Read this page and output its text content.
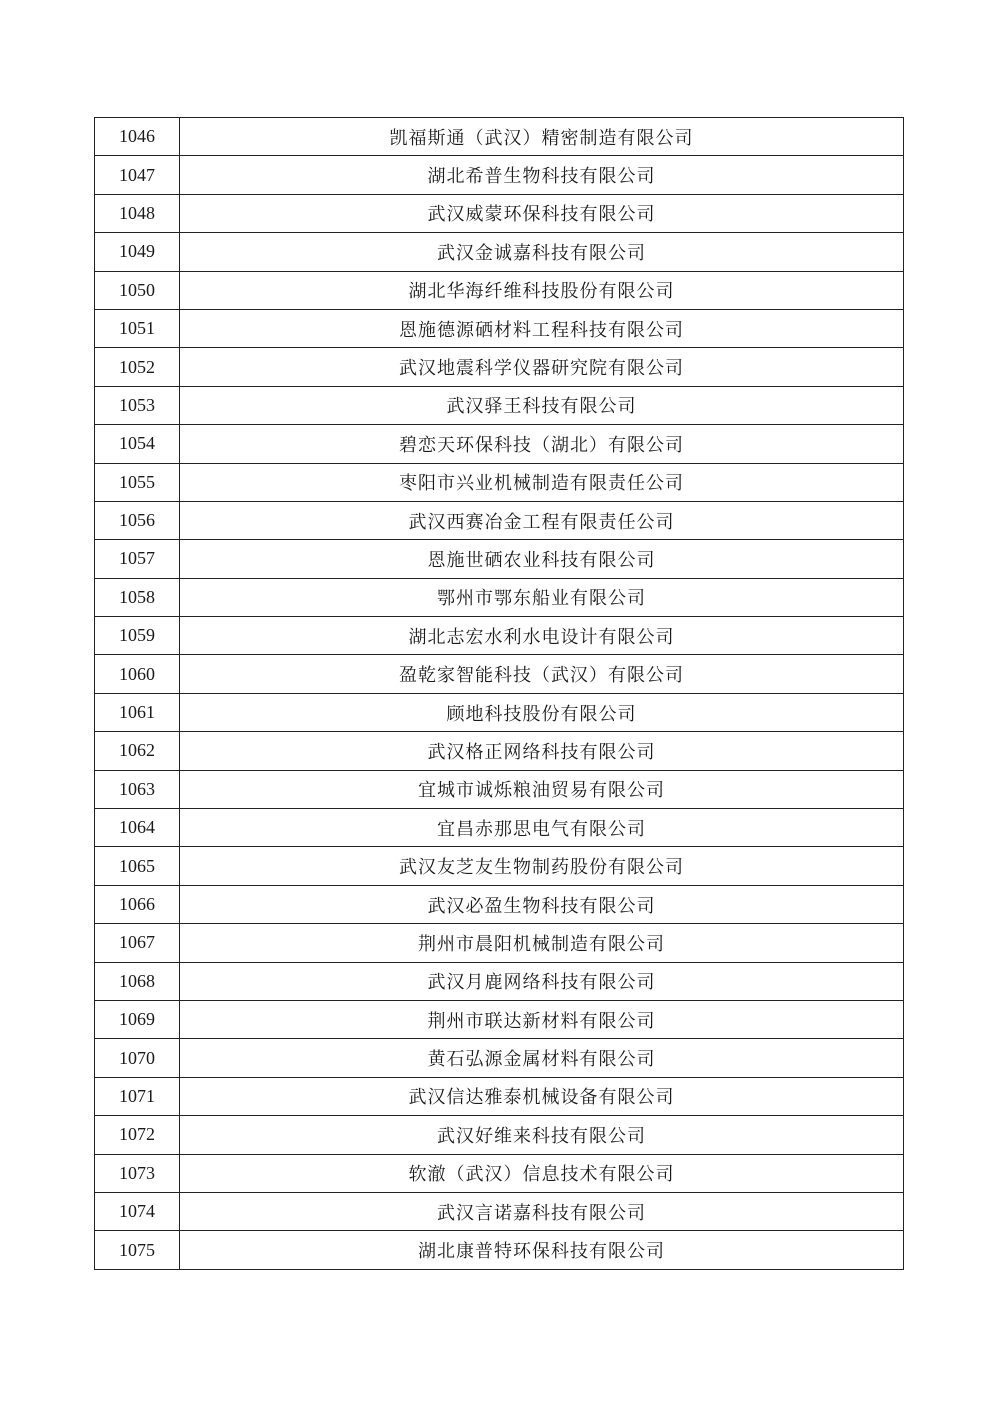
1046	凯福斯通（武汉）精密制造有限公司
1047	湖北希普生物科技有限公司
1048	武汉威蒙环保科技有限公司
1049	武汉金诚嘉科技有限公司
1050	湖北华海纤维科技股份有限公司
1051	恩施德源硒材料工程科技有限公司
1052	武汉地震科学仪器研究院有限公司
1053	武汉驿王科技有限公司
1054	碧恋天环保科技（湖北）有限公司
1055	枣阳市兴业机械制造有限责任公司
1056	武汉西赛冶金工程有限责任公司
1057	恩施世硒农业科技有限公司
1058	鄂州市鄂东船业有限公司
1059	湖北志宏水利水电设计有限公司
1060	盈乾家智能科技（武汉）有限公司
1061	顾地科技股份有限公司
1062	武汉格正网络科技有限公司
1063	宜城市诚烁粮油贸易有限公司
1064	宜昌赤那思电气有限公司
1065	武汉友芝友生物制药股份有限公司
1066	武汉必盈生物科技有限公司
1067	荆州市晨阳机械制造有限公司
1068	武汉月鹿网络科技有限公司
1069	荆州市联达新材料有限公司
1070	黄石弘源金属材料有限公司
1071	武汉信达雅泰机械设备有限公司
1072	武汉好维来科技有限公司
1073	软澈（武汉）信息技术有限公司
1074	武汉言诺嘉科技有限公司
1075	湖北康普特环保科技有限公司
